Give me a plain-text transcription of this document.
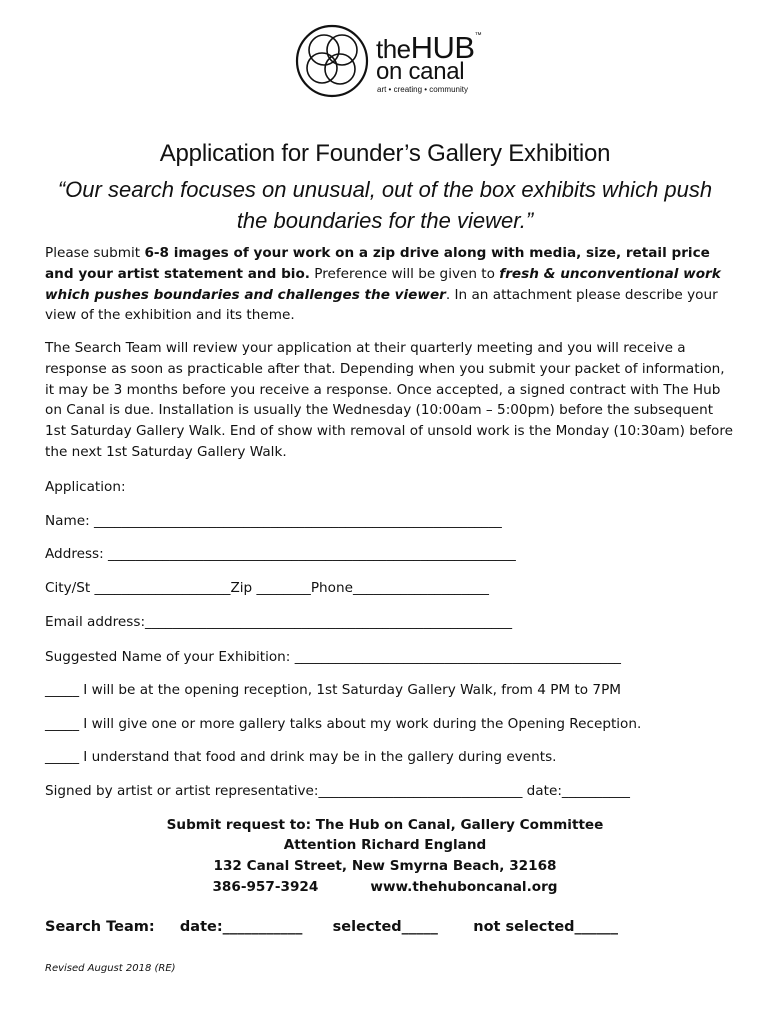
theHUB™
on canal
art • creating • community
Application for Founder’s Gallery Exhibition
“Our search focuses on unusual, out of the box exhibits which push the boundaries for the viewer.”

Please submit 6-8 images of your work on a zip drive along with media, size, retail price and your artist statement and bio. Preference will be given to fresh & unconventional work which pushes boundaries and challenges the viewer. In an attachment please describe your view of the exhibition and its theme.

The Search Team will review your application at their quarterly meeting and you will receive a response as soon as practicable after that. Depending when you submit your packet of information, it may be 3 months before you receive a response. Once accepted, a signed contract with The Hub on Canal is due. Installation is usually the Wednesday (10:00am – 5:00pm) before the subsequent 1st Saturday Gallery Walk. End of show with removal of unsold work is the Monday (10:30am) before the next 1st Saturday Gallery Walk.

Application:
Name: ____________________________________________________________
Address: ____________________________________________________________
City/St ____________________Zip ________Phone____________________
Email address:______________________________________________________
Suggested Name of your Exhibition: ________________________________________________
_____ I will be at the opening reception, 1st Saturday Gallery Walk, from 4 PM to 7PM
_____ I will give one or more gallery talks about my work during the Opening Reception.
_____ I understand that food and drink may be in the gallery during events.
Signed by artist or artist representative:______________________________ date:__________
Submit request to: The Hub on Canal, Gallery Committee
Attention Richard England
132 Canal Street, New Smyrna Beach, 32168
386-957-3924           www.thehuboncanal.org
Search Team:     date:___________      selected_____       not selected______
Revised August 2018 (RE)
